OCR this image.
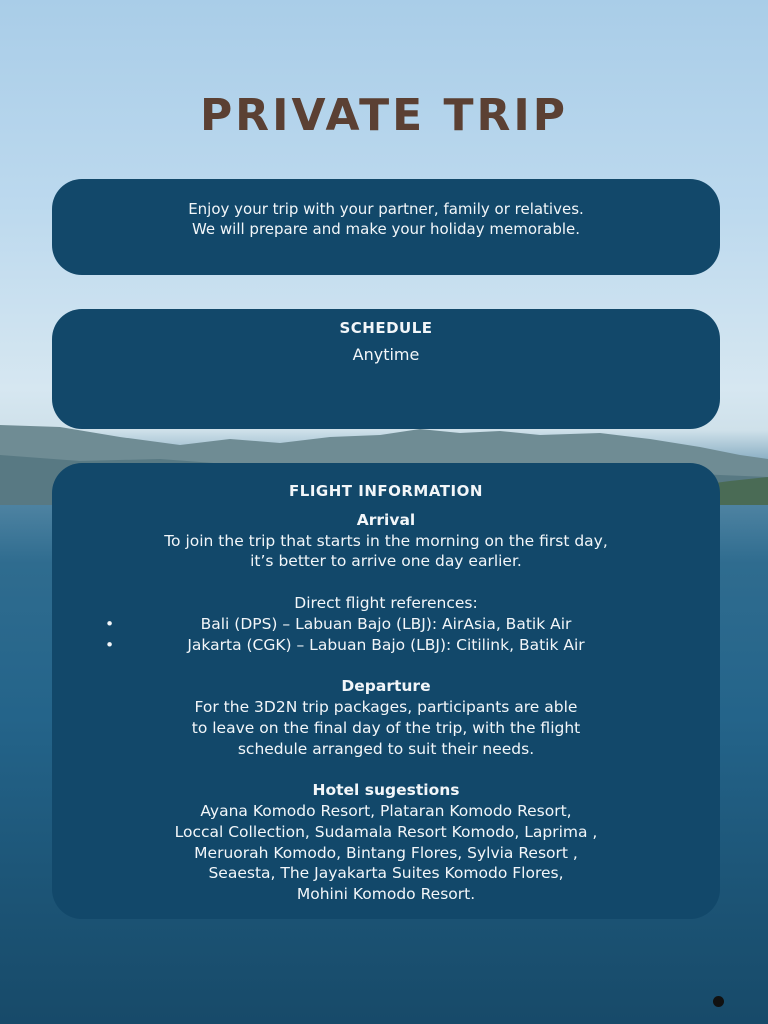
PRIVATE TRIP
Enjoy your trip with your partner, family or relatives.
We will prepare and make your holiday memorable.
SCHEDULE
Anytime
FLIGHT INFORMATION
Arrival
To join the trip that starts in the morning on the first day,
it’s better to arrive one day earlier.
Direct flight references:
• Bali (DPS) – Labuan Bajo (LBJ): AirAsia, Batik Air
• Jakarta (CGK) – Labuan Bajo (LBJ): Citilink, Batik Air
Departure
For the 3D2N trip packages, participants are able
to leave on the final day of the trip, with the flight
schedule arranged to suit their needs.
Hotel sugestions
Ayana Komodo Resort, Plataran Komodo Resort,
Loccal Collection, Sudamala Resort Komodo, Laprima ,
Meruorah Komodo, Bintang Flores, Sylvia Resort ,
Seaesta, The Jayakarta Suites Komodo Flores,
Mohini Komodo Resort.
